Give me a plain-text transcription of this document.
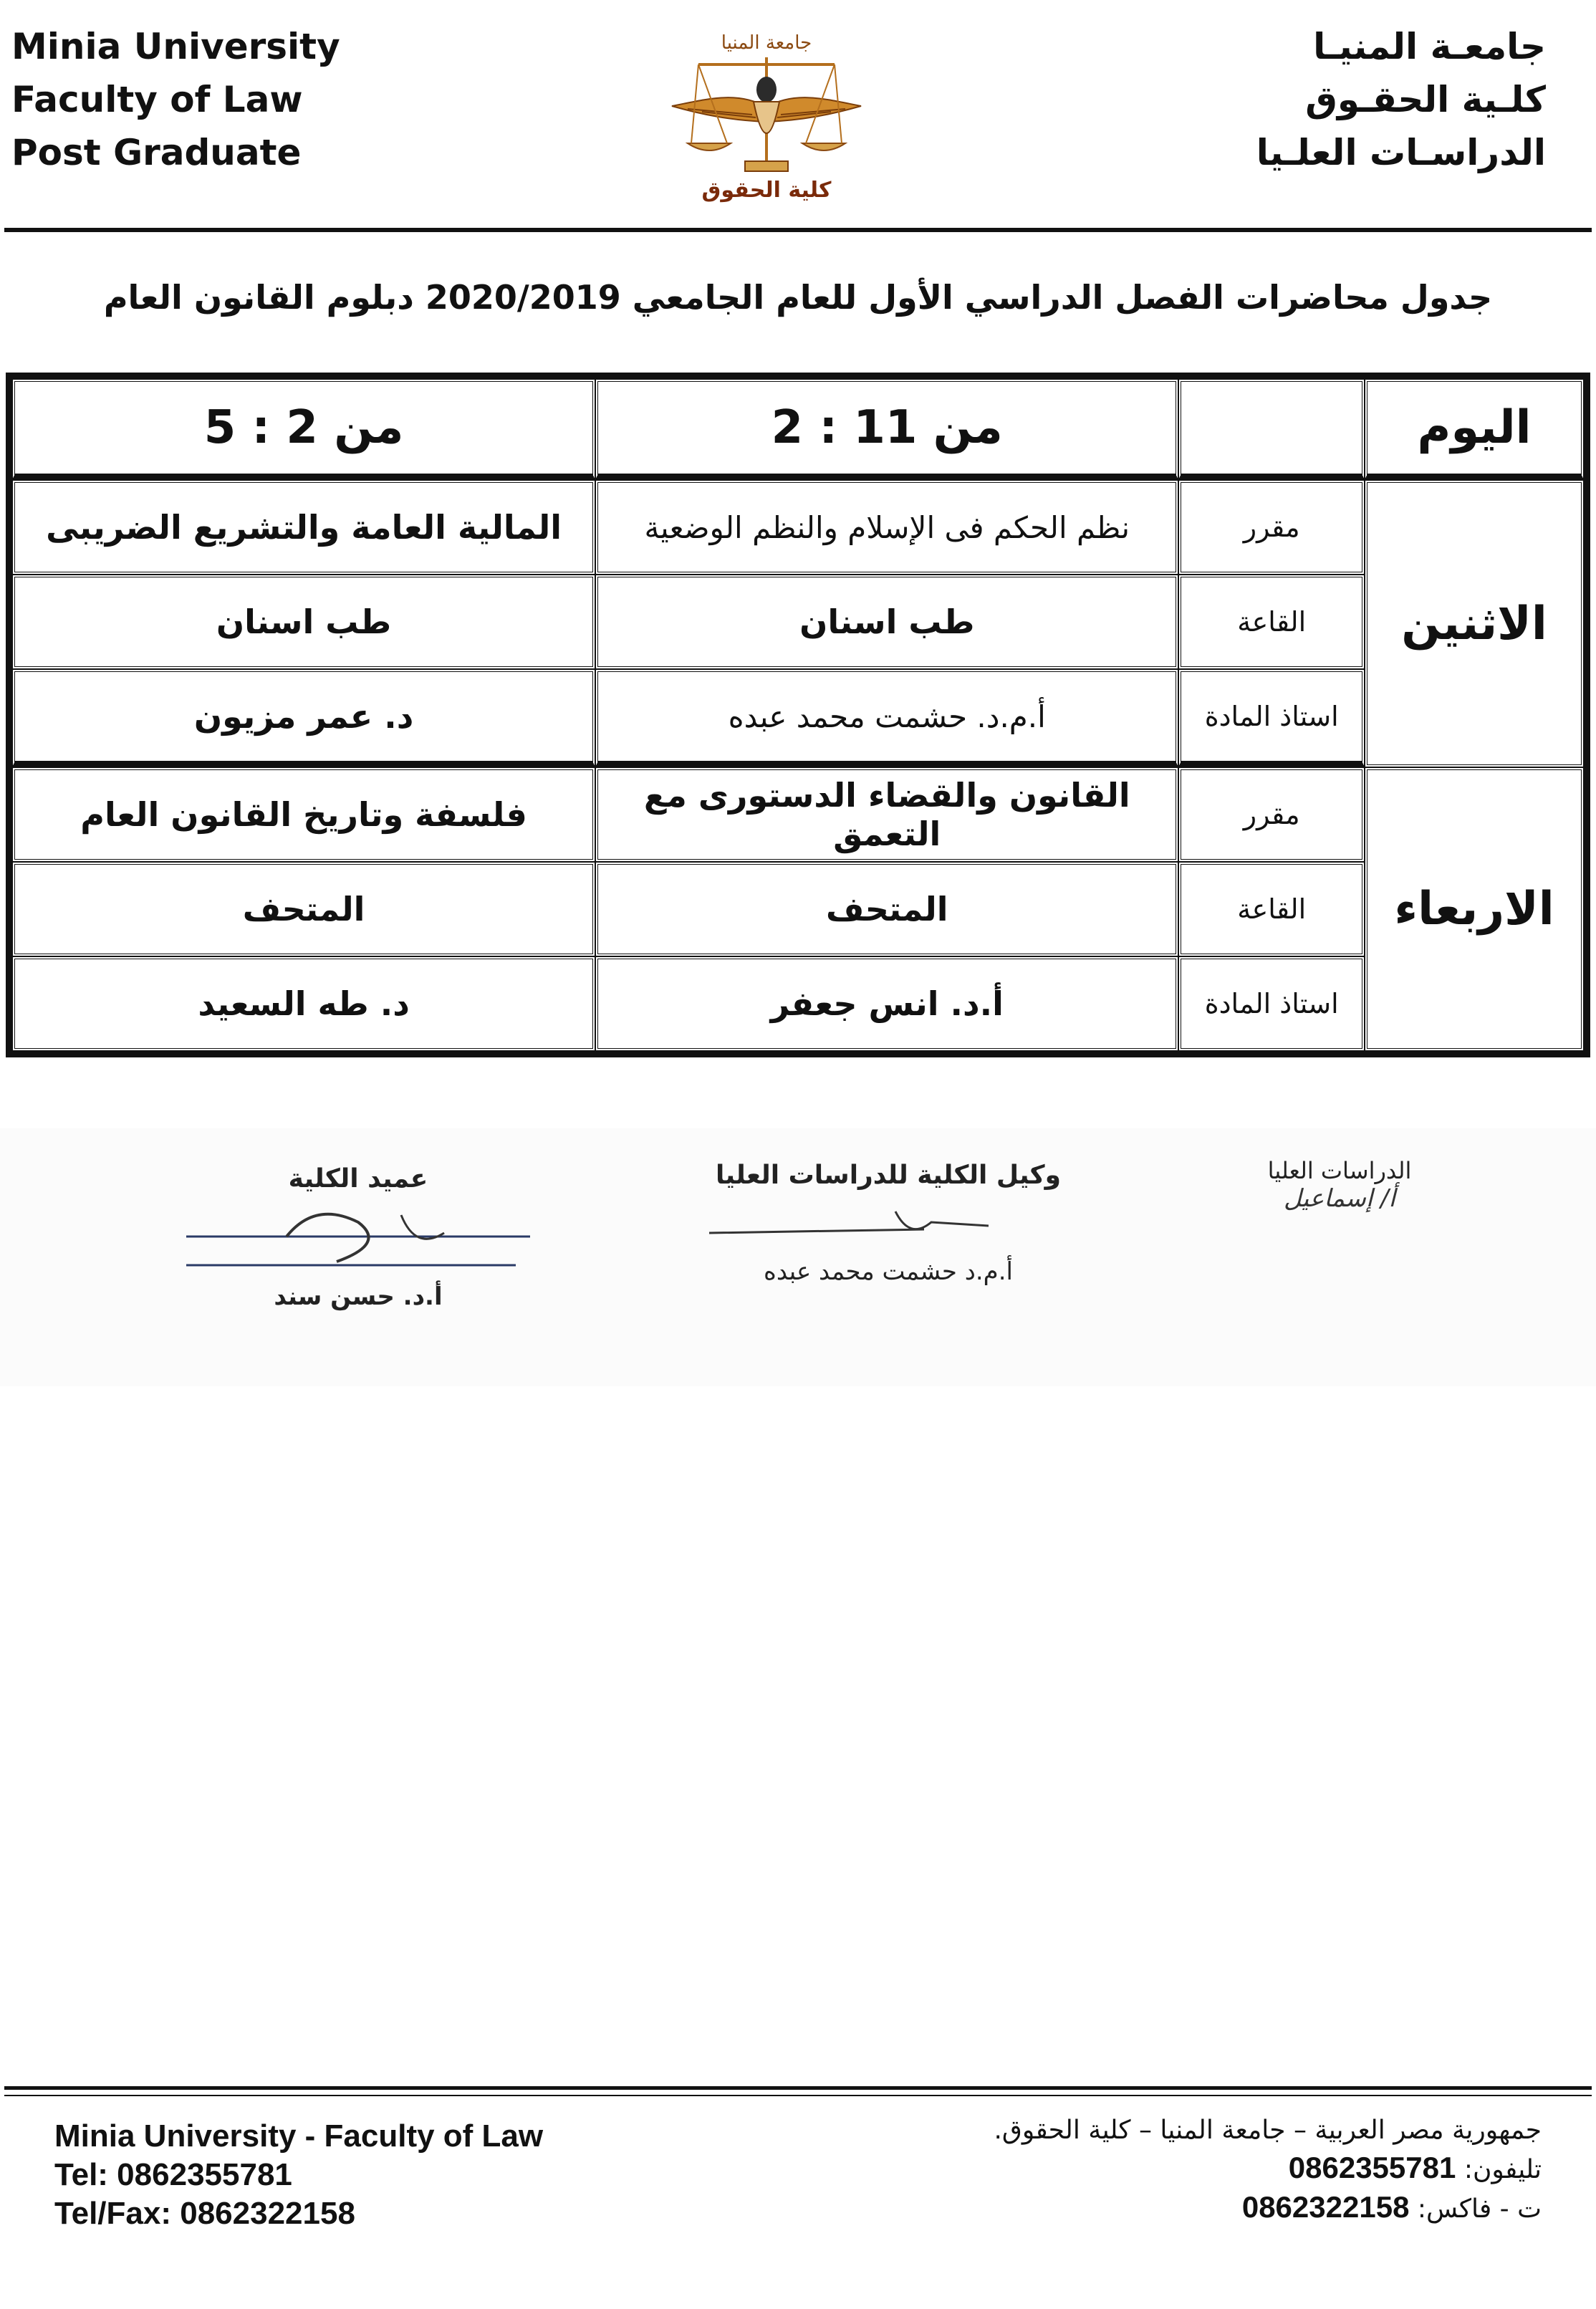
Minia University
Faculty of Law
Post Graduate
جامعة المنيا
كلية الحقوق
جامعـة المنيـا
كلـية الحقـوق
الدراسـات العلـيا
جدول محاضرات الفصل الدراسي الأول للعام الجامعي 2020/2019 دبلوم القانون العام
اليوم		من 11 : 2	من 2 : 5
الاثنين	مقرر	نظم الحكم فى الإسلام والنظم الوضعية	المالية العامة والتشريع الضريبى
	القاعة	طب اسنان	طب اسنان
	استاذ المادة	أ.م.د. حشمت محمد عبده	د. عمر مزيون
الاربعاء	مقرر	القانون والقضاء الدستورى مع التعمق	فلسفة وتاريخ القانون العام
	القاعة	المتحف	المتحف
	استاذ المادة	أ.د. انس جعفر	د. طه السعيد
الدراسات العليا
أ/ إسماعيل
وكيل الكلية للدراسات العليا
أ.م.د حشمت محمد عبده
عميد الكلية
أ.د. حسن سند
Minia University - Faculty of Law
Tel: 0862355781
Tel/Fax: 0862322158
جمهورية مصر العربية – جامعة المنيا – كلية الحقوق.
تليفون: 0862355781
ت - فاكس: 0862322158
